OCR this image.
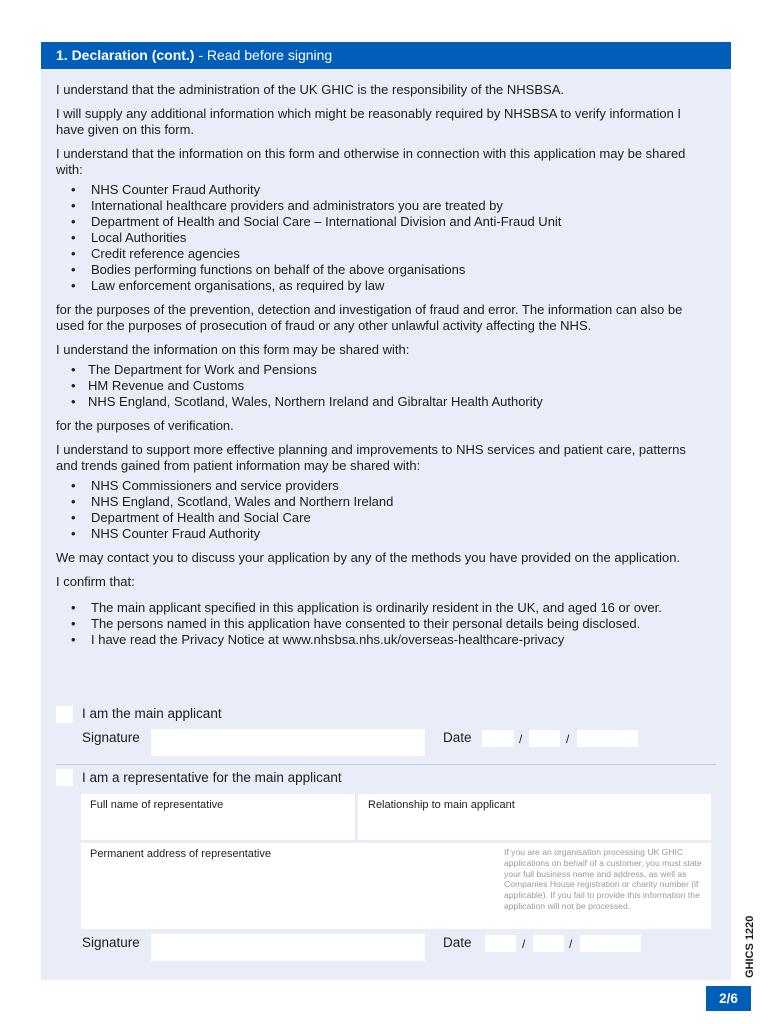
1. Declaration (cont.) - Read before signing

I understand that the administration of the UK GHIC is the responsibility of the NHSBSA.

I will supply any additional information which might be reasonably required by NHSBSA to verify information I have given on this form.

I understand that the information on this form and otherwise in connection with this application may be shared with:

• NHS Counter Fraud Authority
• International healthcare providers and administrators you are treated by
• Department of Health and Social Care – International Division and Anti-Fraud Unit
• Local Authorities
• Credit reference agencies
• Bodies performing functions on behalf of the above organisations
• Law enforcement organisations, as required by law

for the purposes of the prevention, detection and investigation of fraud and error. The information can also be used for the purposes of prosecution of fraud or any other unlawful activity affecting the NHS.

I understand the information on this form may be shared with:

• The Department for Work and Pensions
• HM Revenue and Customs
• NHS England, Scotland, Wales, Northern Ireland and Gibraltar Health Authority

for the purposes of verification.

I understand to support more effective planning and improvements to NHS services and patient care, patterns and trends gained from patient information may be shared with:

• NHS Commissioners and service providers
• NHS England, Scotland, Wales and Northern Ireland
• Department of Health and Social Care
• NHS Counter Fraud Authority

We may contact you to discuss your application by any of the methods you have provided on the application.

I confirm that:

• The main applicant specified in this application is ordinarily resident in the UK, and aged 16 or over.
• The persons named in this application have consented to their personal details being disclosed.
• I have read the Privacy Notice at www.nhsbsa.nhs.uk/overseas-healthcare-privacy
I am the main applicant
Signature	Date	/	/
I am a representative for the main applicant
Full name of representative	Relationship to main applicant
Permanent address of representative	If you are an organisation processing UK GHIC applications on behalf of a customer, you must state your full business name and address, as well as Companies House registration or charity number (if applicable). If you fail to provide this information the application will not be processed.
Signature	Date	/	/	GHICS 1220
2/6
